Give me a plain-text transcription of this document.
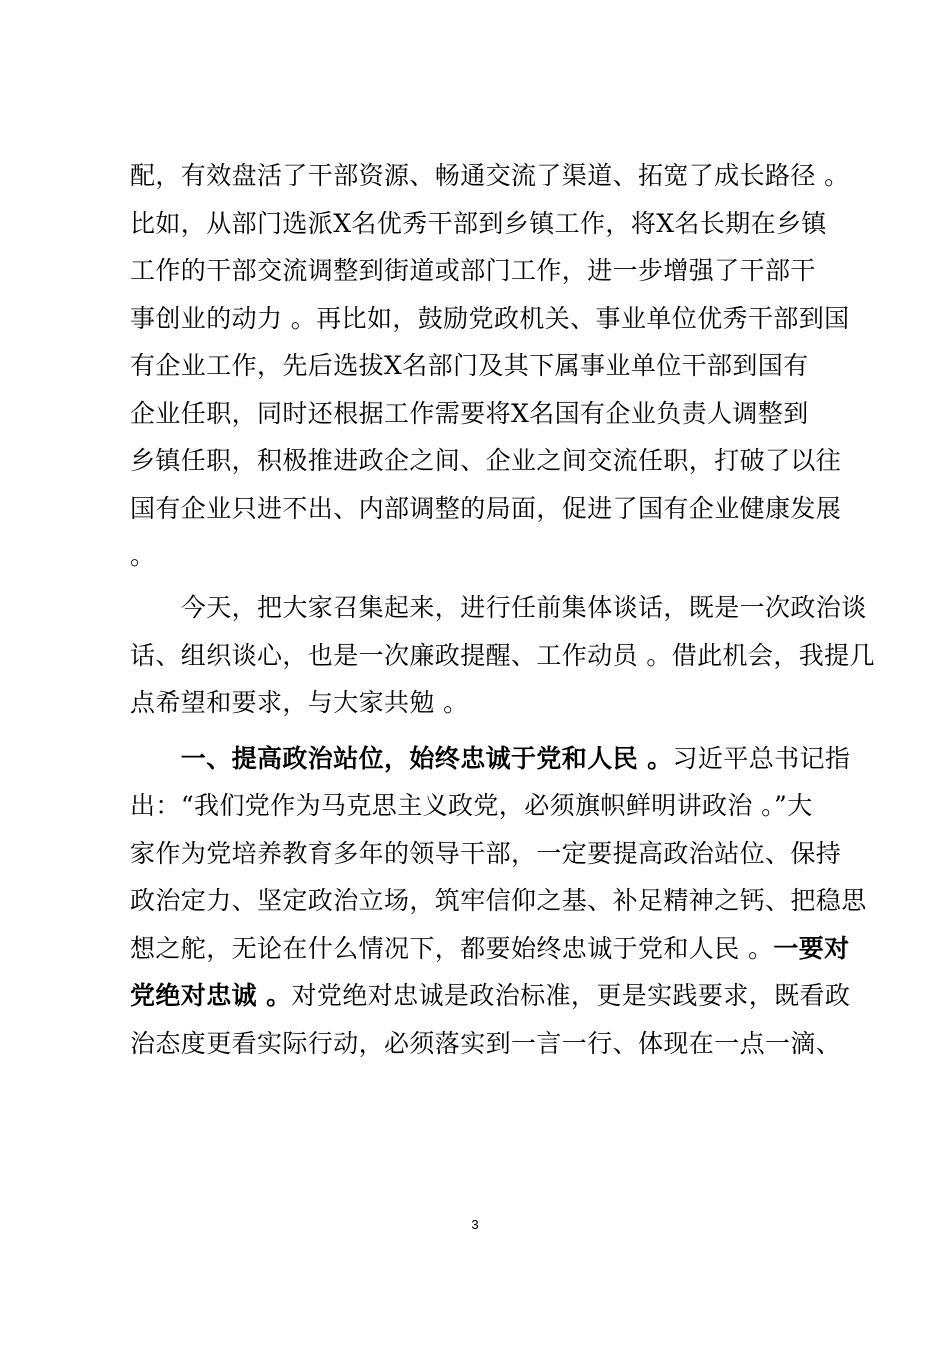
配，有效盘活了干部资源、畅通交流了渠道、拓宽了成长路径 。
比如，从部门选派X名优秀干部到乡镇工作，将X名长期在乡镇
工作的干部交流调整到街道或部门工作，进一步增强了干部干
事创业的动力 。再比如，鼓励党政机关、事业单位优秀干部到国
有企业工作，先后选拔X名部门及其下属事业单位干部到国有
企业任职，同时还根据工作需要将X名国有企业负责人调整到
乡镇任职，积极推进政企之间、企业之间交流任职，打破了以往
国有企业只进不出、内部调整的局面，促进了国有企业健康发展
。
　　今天，把大家召集起来，进行任前集体谈话，既是一次政治谈
话、组织谈心，也是一次廉政提醒、工作动员 。借此机会，我提几
点希望和要求，与大家共勉 。
　　一、提高政治站位，始终忠诚于党和人民 。习近平总书记指
出：“我们党作为马克思主义政党，必须旗帜鲜明讲政治 。”大
家作为党培养教育多年的领导干部，一定要提高政治站位、保持
政治定力、坚定政治立场，筑牢信仰之基、补足精神之钙、把稳思
想之舵，无论在什么情况下，都要始终忠诚于党和人民 。一要对
党绝对忠诚 。对党绝对忠诚是政治标准，更是实践要求，既看政
治态度更看实际行动，必须落实到一言一行、体现在一点一滴、
3
